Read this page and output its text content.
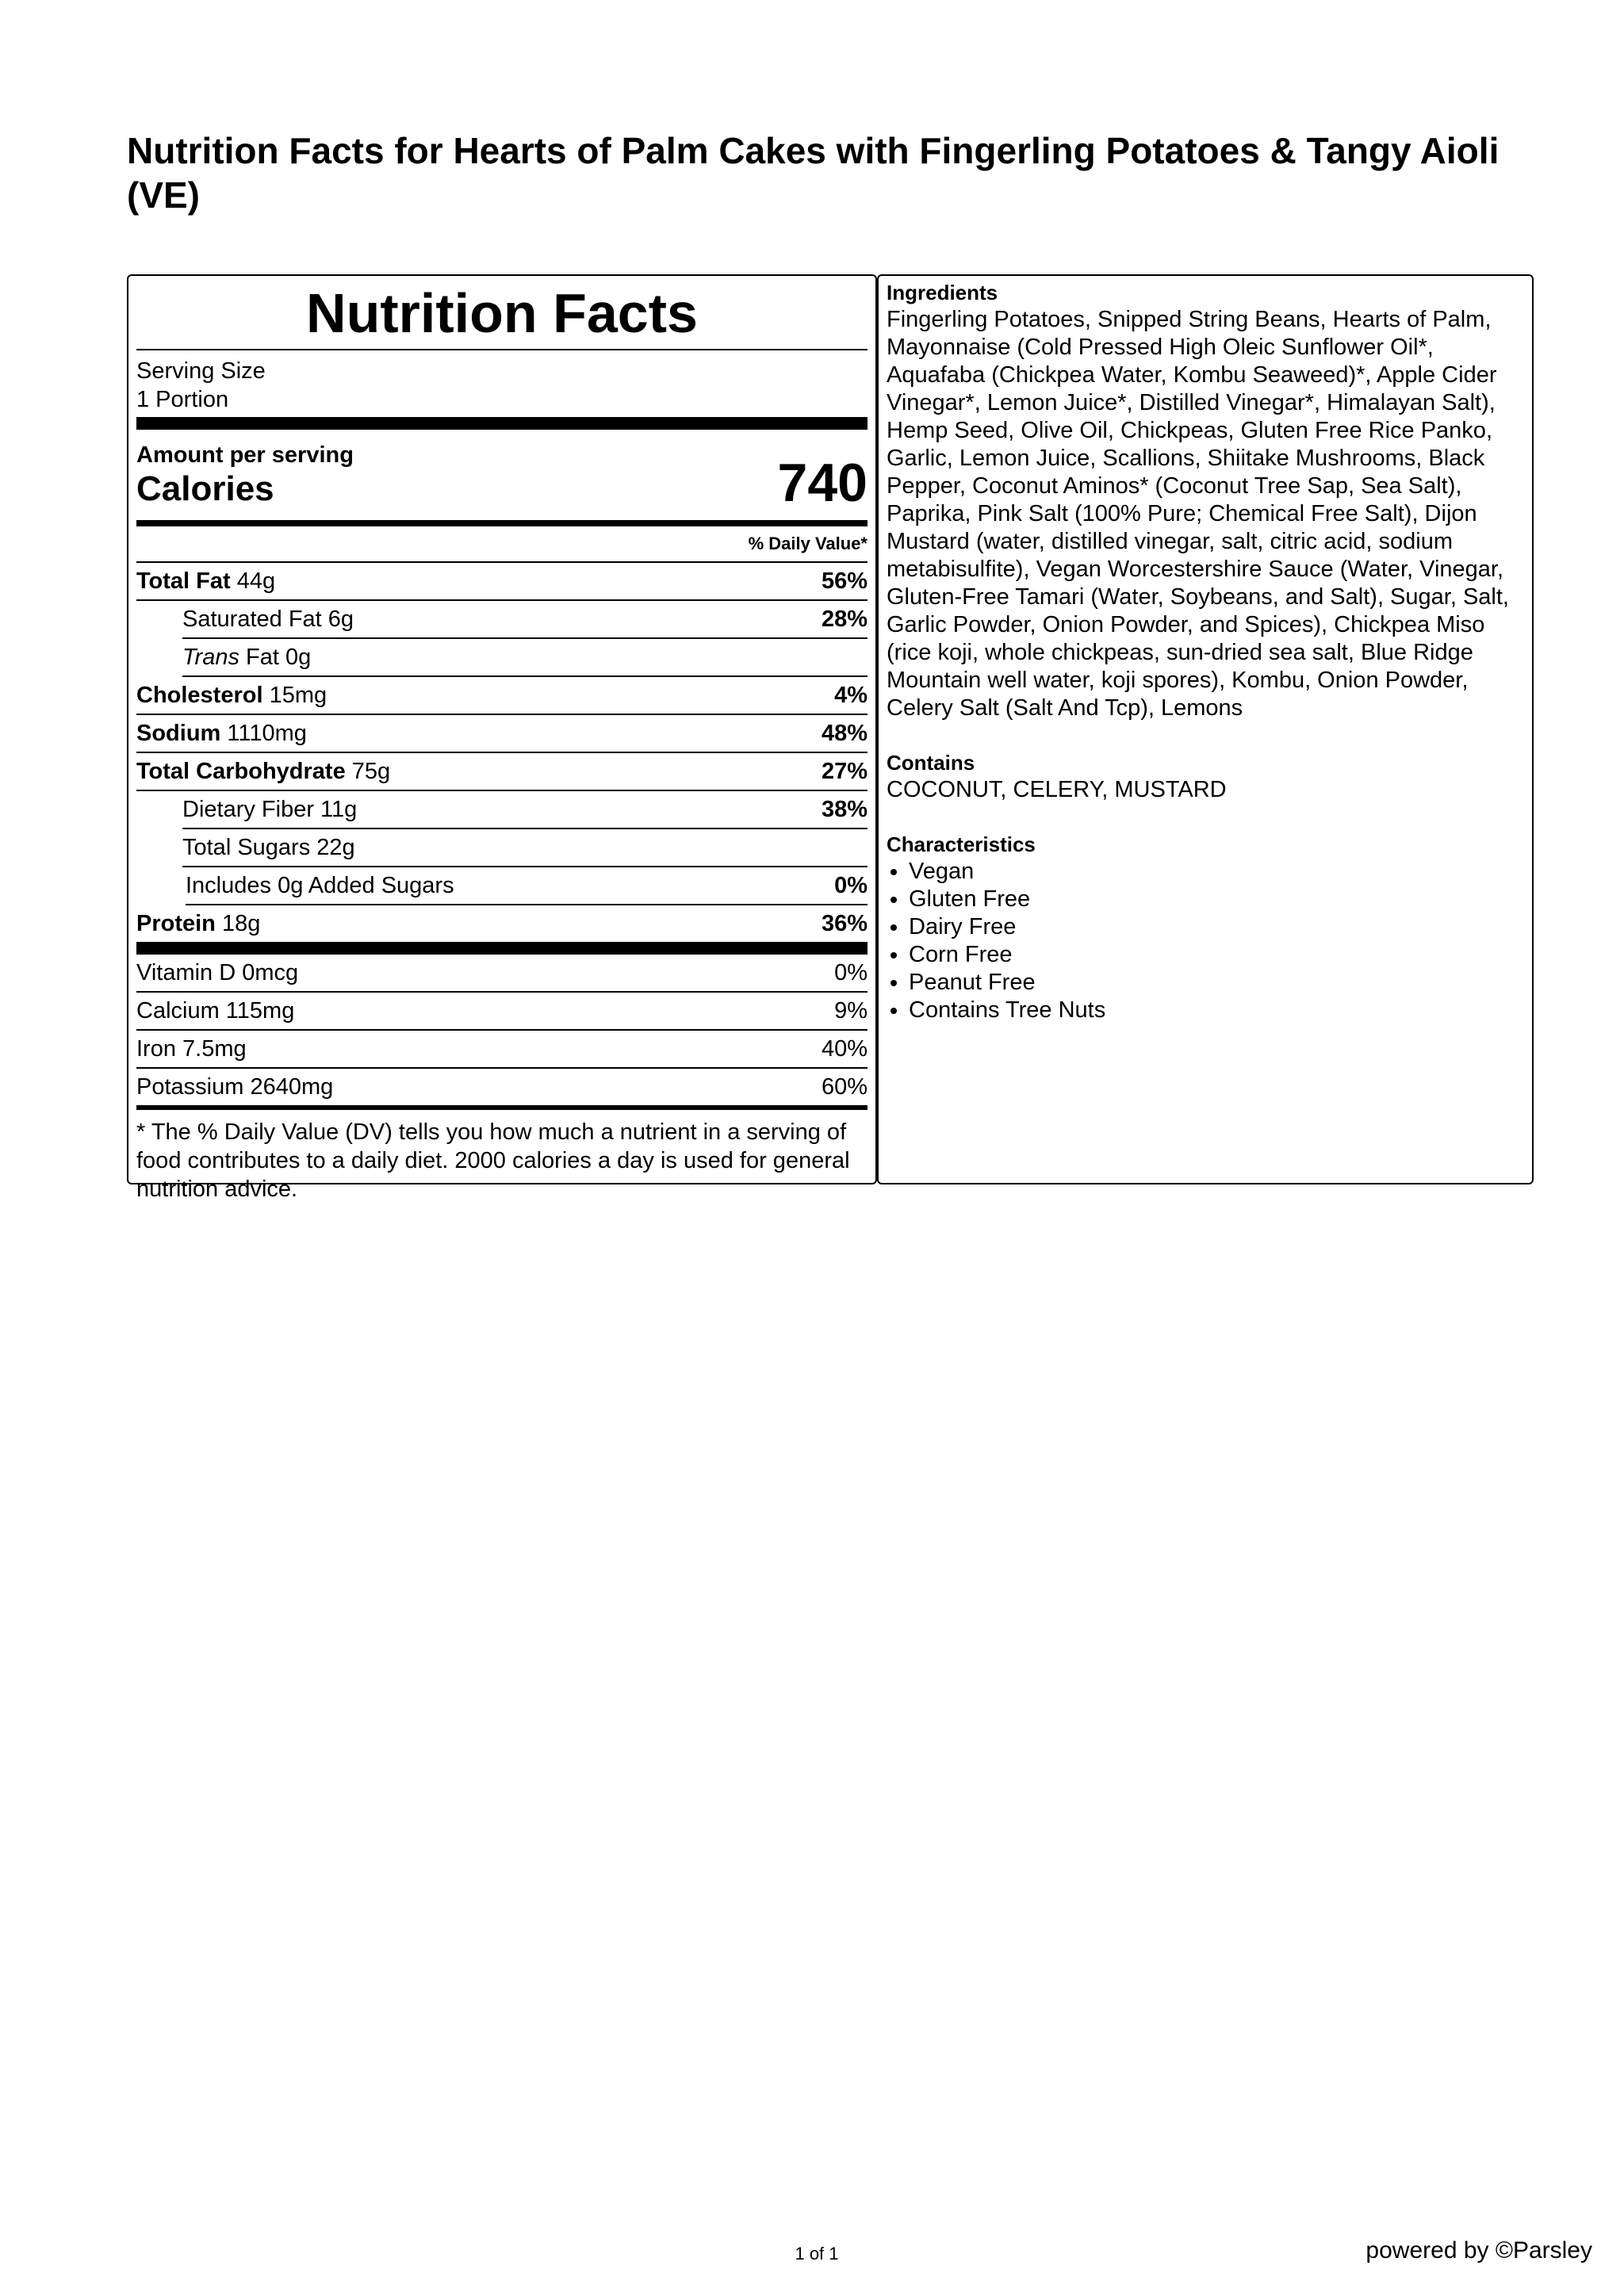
Nutrition Facts for Hearts of Palm Cakes with Fingerling Potatoes & Tangy Aioli (VE)
Nutrition Facts
Serving Size
1 Portion
Amount per serving
Calories	740
% Daily Value*
Total Fat 44g	56%
Saturated Fat 6g	28%
Trans Fat 0g
Cholesterol 15mg	4%
Sodium 1110mg	48%
Total Carbohydrate 75g	27%
Dietary Fiber 11g	38%
Total Sugars 22g
Includes 0g Added Sugars	0%
Protein 18g	36%
Vitamin D 0mcg	0%
Calcium 115mg	9%
Iron 7.5mg	40%
Potassium 2640mg	60%
* The % Daily Value (DV) tells you how much a nutrient in a serving of food contributes to a daily diet. 2000 calories a day is used for general nutrition advice.
Ingredients
Fingerling Potatoes, Snipped String Beans, Hearts of Palm, Mayonnaise (Cold Pressed High Oleic Sunflower Oil*, Aquafaba (Chickpea Water, Kombu Seaweed)*, Apple Cider Vinegar*, Lemon Juice*, Distilled Vinegar*, Himalayan Salt), Hemp Seed, Olive Oil, Chickpeas, Gluten Free Rice Panko, Garlic, Lemon Juice, Scallions, Shiitake Mushrooms, Black Pepper, Coconut Aminos* (Coconut Tree Sap, Sea Salt), Paprika, Pink Salt (100% Pure; Chemical Free Salt), Dijon Mustard (water, distilled vinegar, salt, citric acid, sodium metabisulfite), Vegan Worcestershire Sauce (Water, Vinegar, Gluten-Free Tamari (Water, Soybeans, and Salt), Sugar, Salt, Garlic Powder, Onion Powder, and Spices), Chickpea Miso (rice koji, whole chickpeas, sun-dried sea salt, Blue Ridge Mountain well water, koji spores), Kombu, Onion Powder, Celery Salt (Salt And Tcp), Lemons
Contains
COCONUT, CELERY, MUSTARD
Characteristics
• Vegan
• Gluten Free
• Dairy Free
• Corn Free
• Peanut Free
• Contains Tree Nuts
1 of 1	powered by ©Parsley
